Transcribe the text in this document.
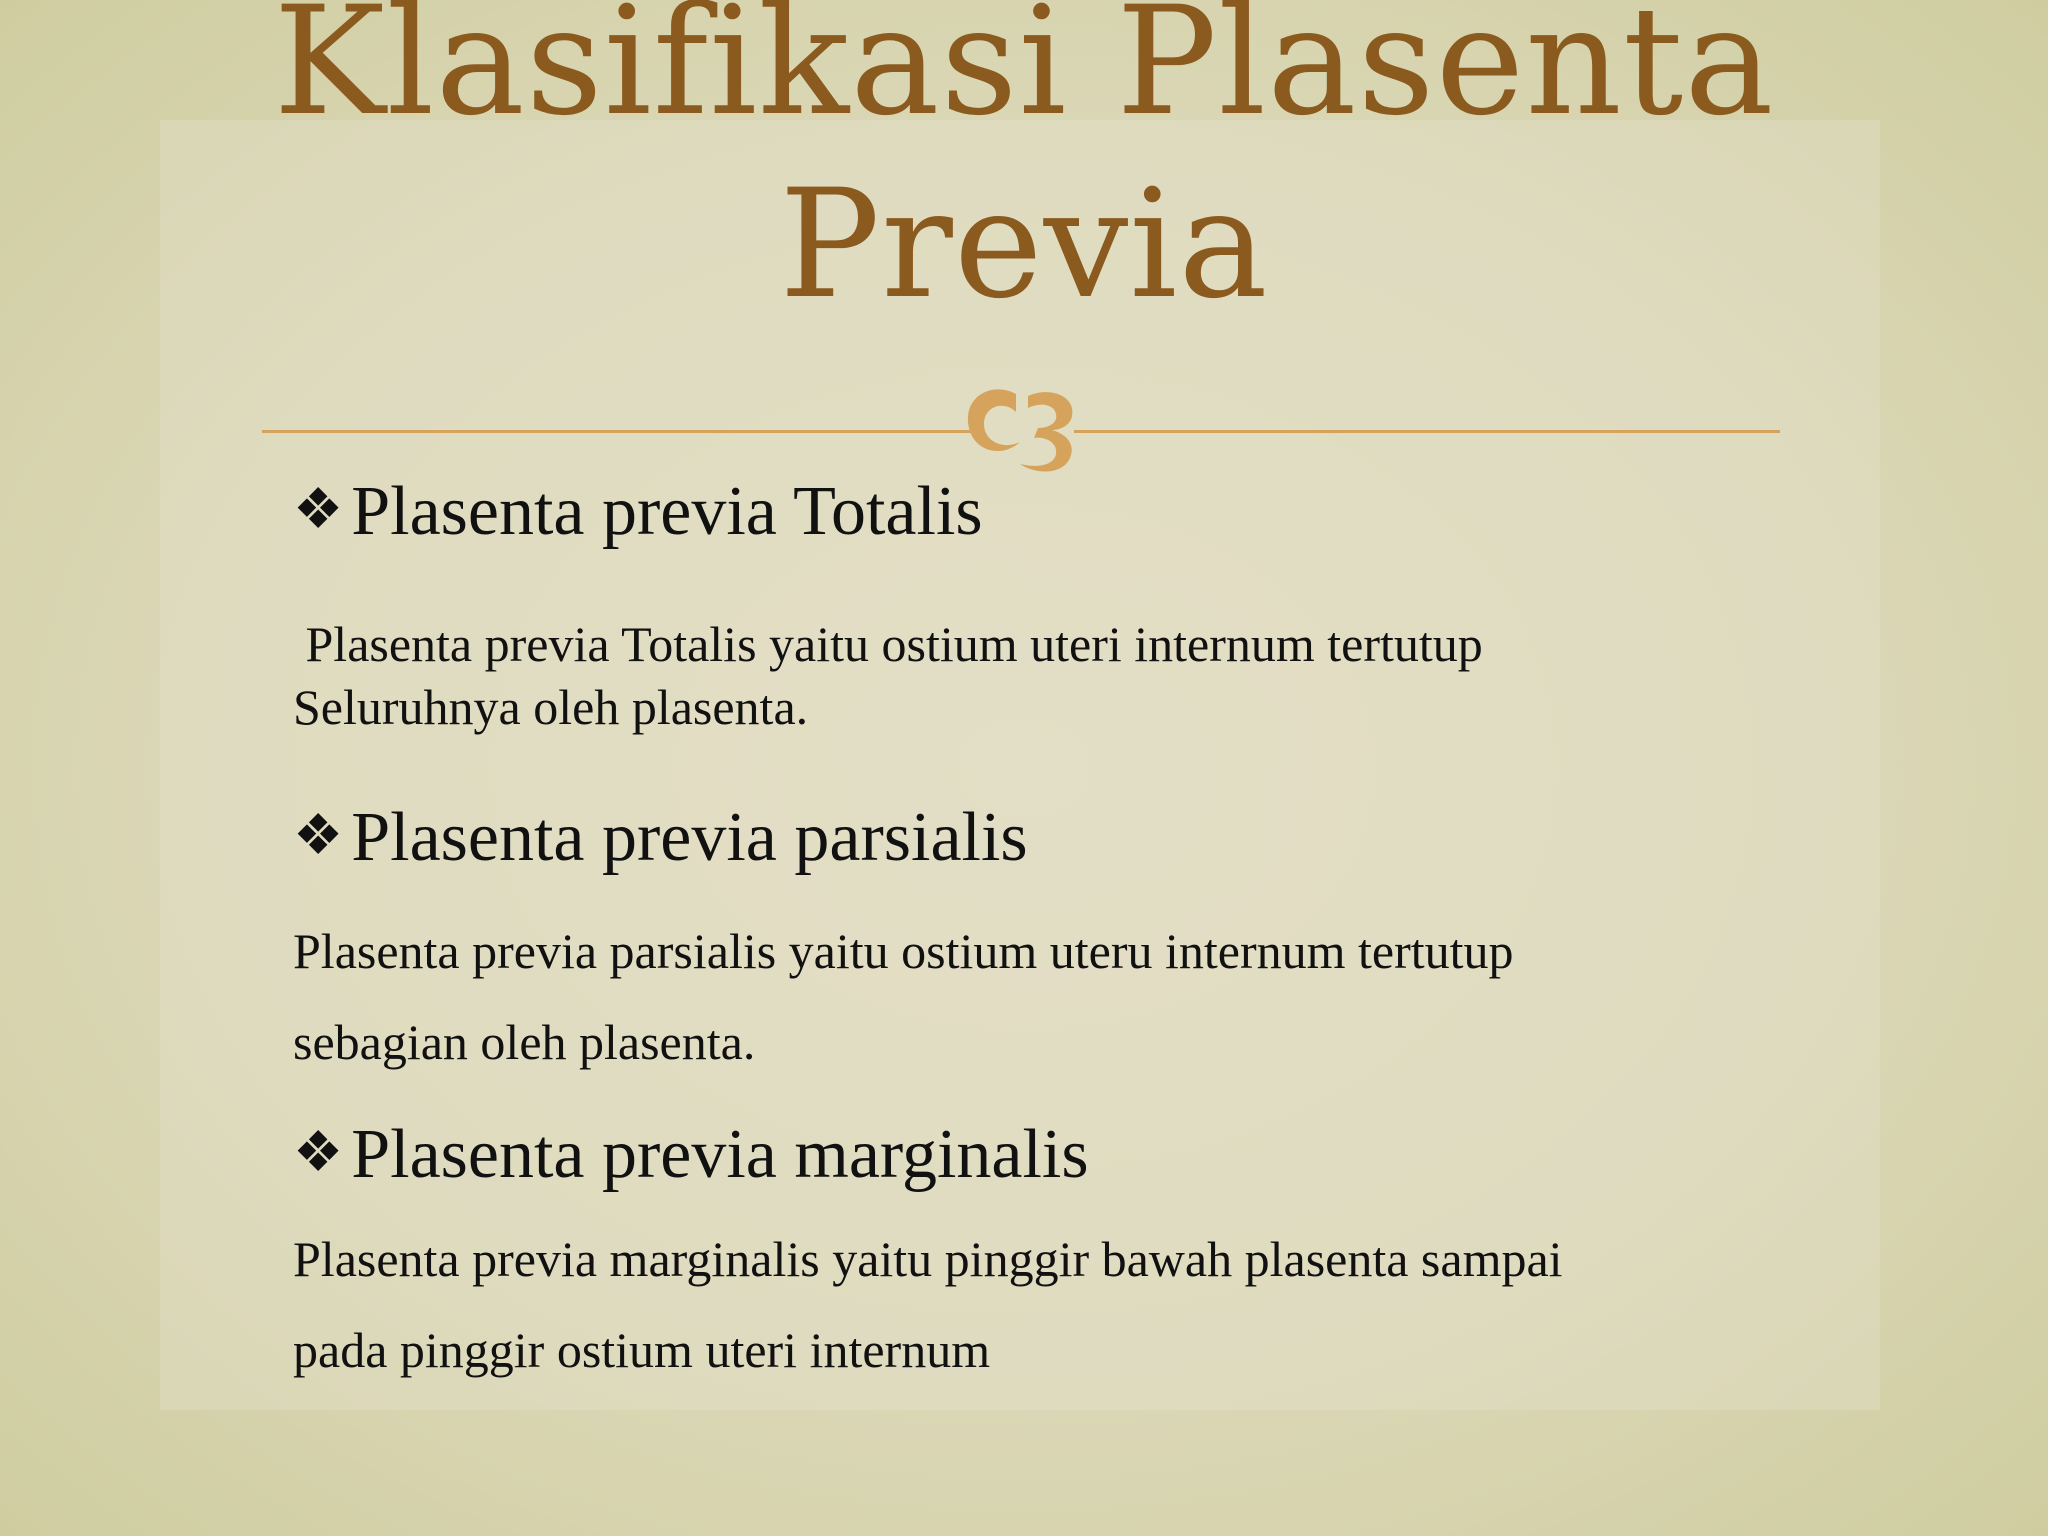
Klasifikasi Plasenta
Previa
❖ Plasenta previa Totalis
Plasenta previa Totalis yaitu ostium uteri internum tertutup
Seluruhnya oleh plasenta.
❖ Plasenta previa parsialis
Plasenta previa parsialis yaitu ostium uteru internum tertutup
sebagian oleh plasenta.
❖ Plasenta previa marginalis
Plasenta previa marginalis yaitu pinggir bawah plasenta sampai
pada pinggir ostium uteri internum
